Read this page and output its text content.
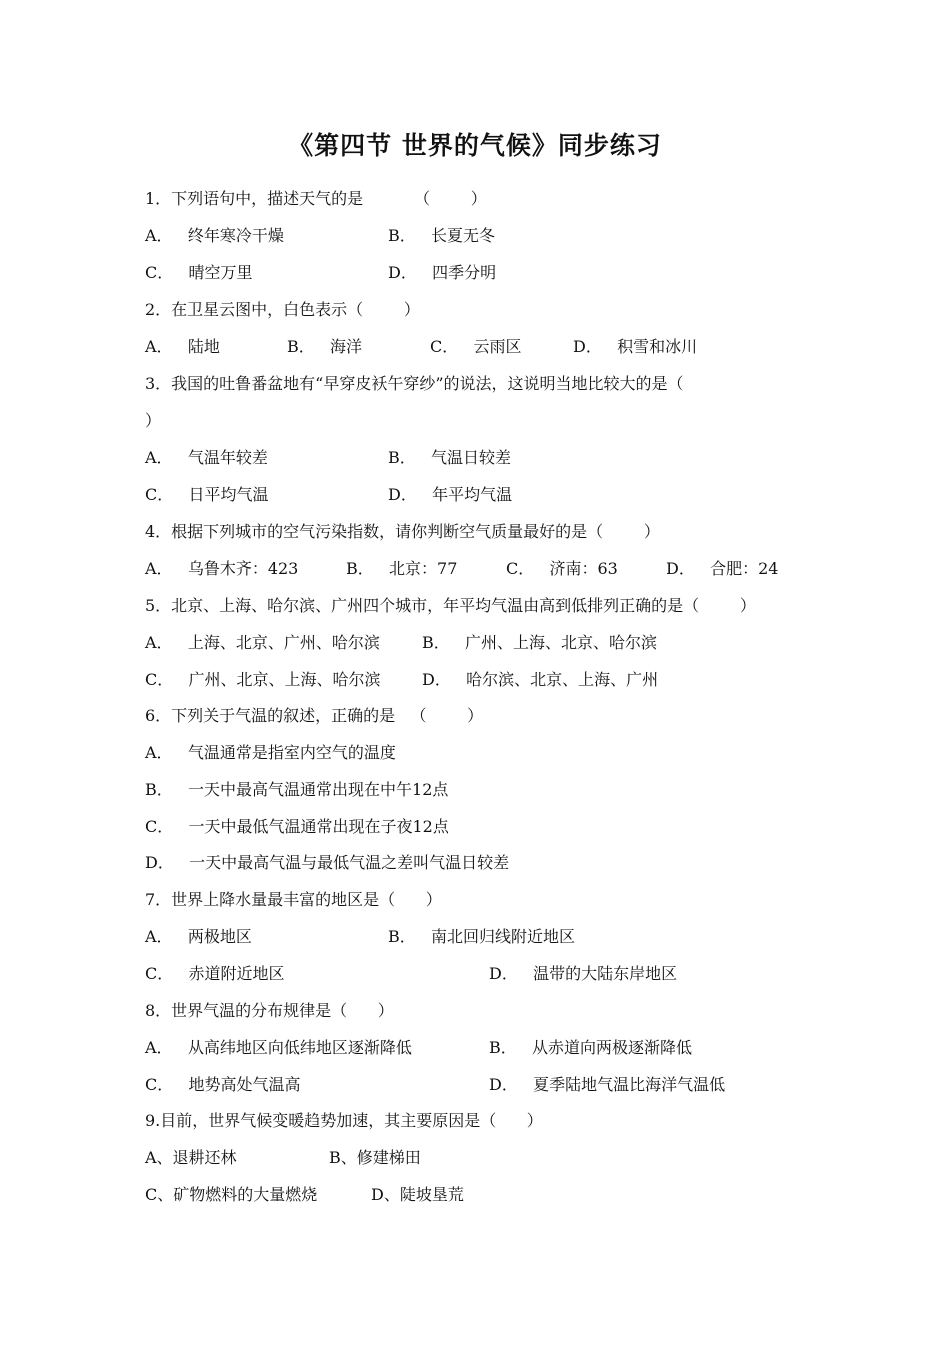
《第四节 世界的气候》同步练习
1．下列语句中，描述天气的是          （        ）
A．   终年寒冷干燥	B．   长夏无冬
C．   晴空万里	D．   四季分明
2．在卫星云图中，白色表示（        ）
A．   陆地	B．   海洋	C．   云雨区	D．   积雪和冰川
3．我国的吐鲁番盆地有“早穿皮袄午穿纱”的说法，这说明当地比较大的是（
）
A．   气温年较差	B．   气温日较差
C．   日平均气温	D．   年平均气温
4．根据下列城市的空气污染指数，请你判断空气质量最好的是（        ）
A．   乌鲁木齐：423	B．   北京：77	C．   济南：63	D．   合肥：24
5．北京、上海、哈尔滨、广州四个城市，年平均气温由高到低排列正确的是（        ）
A．   上海、北京、广州、哈尔滨	B．   广州、上海、北京、哈尔滨
C．   广州、北京、上海、哈尔滨	D．   哈尔滨、北京、上海、广州
6．下列关于气温的叙述，正确的是   （        ）
A．   气温通常是指室内空气的温度
B．   一天中最高气温通常出现在中午12点
C．   一天中最低气温通常出现在子夜12点
D．   一天中最高气温与最低气温之差叫气温日较差
7．世界上降水量最丰富的地区是（      ）
A．   两极地区	B．   南北回归线附近地区
C．   赤道附近地区	D．   温带的大陆东岸地区
8．世界气温的分布规律是（      ）
A．   从高纬地区向低纬地区逐渐降低	B．   从赤道向两极逐渐降低
C．   地势高处气温高	D．   夏季陆地气温比海洋气温低
9.目前，世界气候变暖趋势加速，其主要原因是（      ）
A、退耕还林	B、修建梯田
C、矿物燃料的大量燃烧	D、陡坡垦荒
